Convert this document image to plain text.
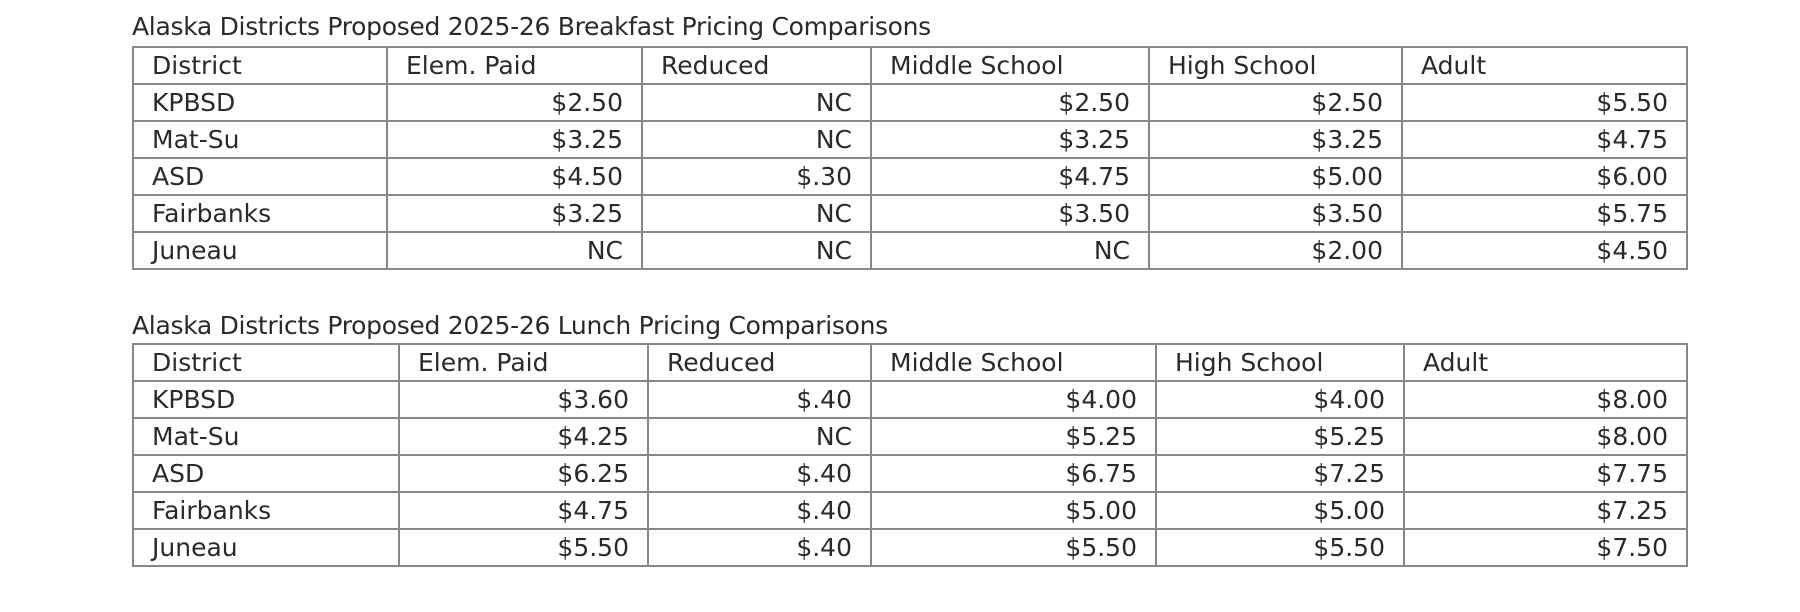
Alaska Districts Proposed 2025-26 Breakfast Pricing Comparisons
District	Elem. Paid	Reduced	Middle School	High School	Adult
KPBSD	$2.50	NC	$2.50	$2.50	$5.50
Mat-Su	$3.25	NC	$3.25	$3.25	$4.75
ASD	$4.50	$.30	$4.75	$5.00	$6.00
Fairbanks	$3.25	NC	$3.50	$3.50	$5.75
Juneau	NC	NC	NC	$2.00	$4.50
Alaska Districts Proposed 2025-26 Lunch Pricing Comparisons
District	Elem. Paid	Reduced	Middle School	High School	Adult
KPBSD	$3.60	$.40	$4.00	$4.00	$8.00
Mat-Su	$4.25	NC	$5.25	$5.25	$8.00
ASD	$6.25	$.40	$6.75	$7.25	$7.75
Fairbanks	$4.75	$.40	$5.00	$5.00	$7.25
Juneau	$5.50	$.40	$5.50	$5.50	$7.50
